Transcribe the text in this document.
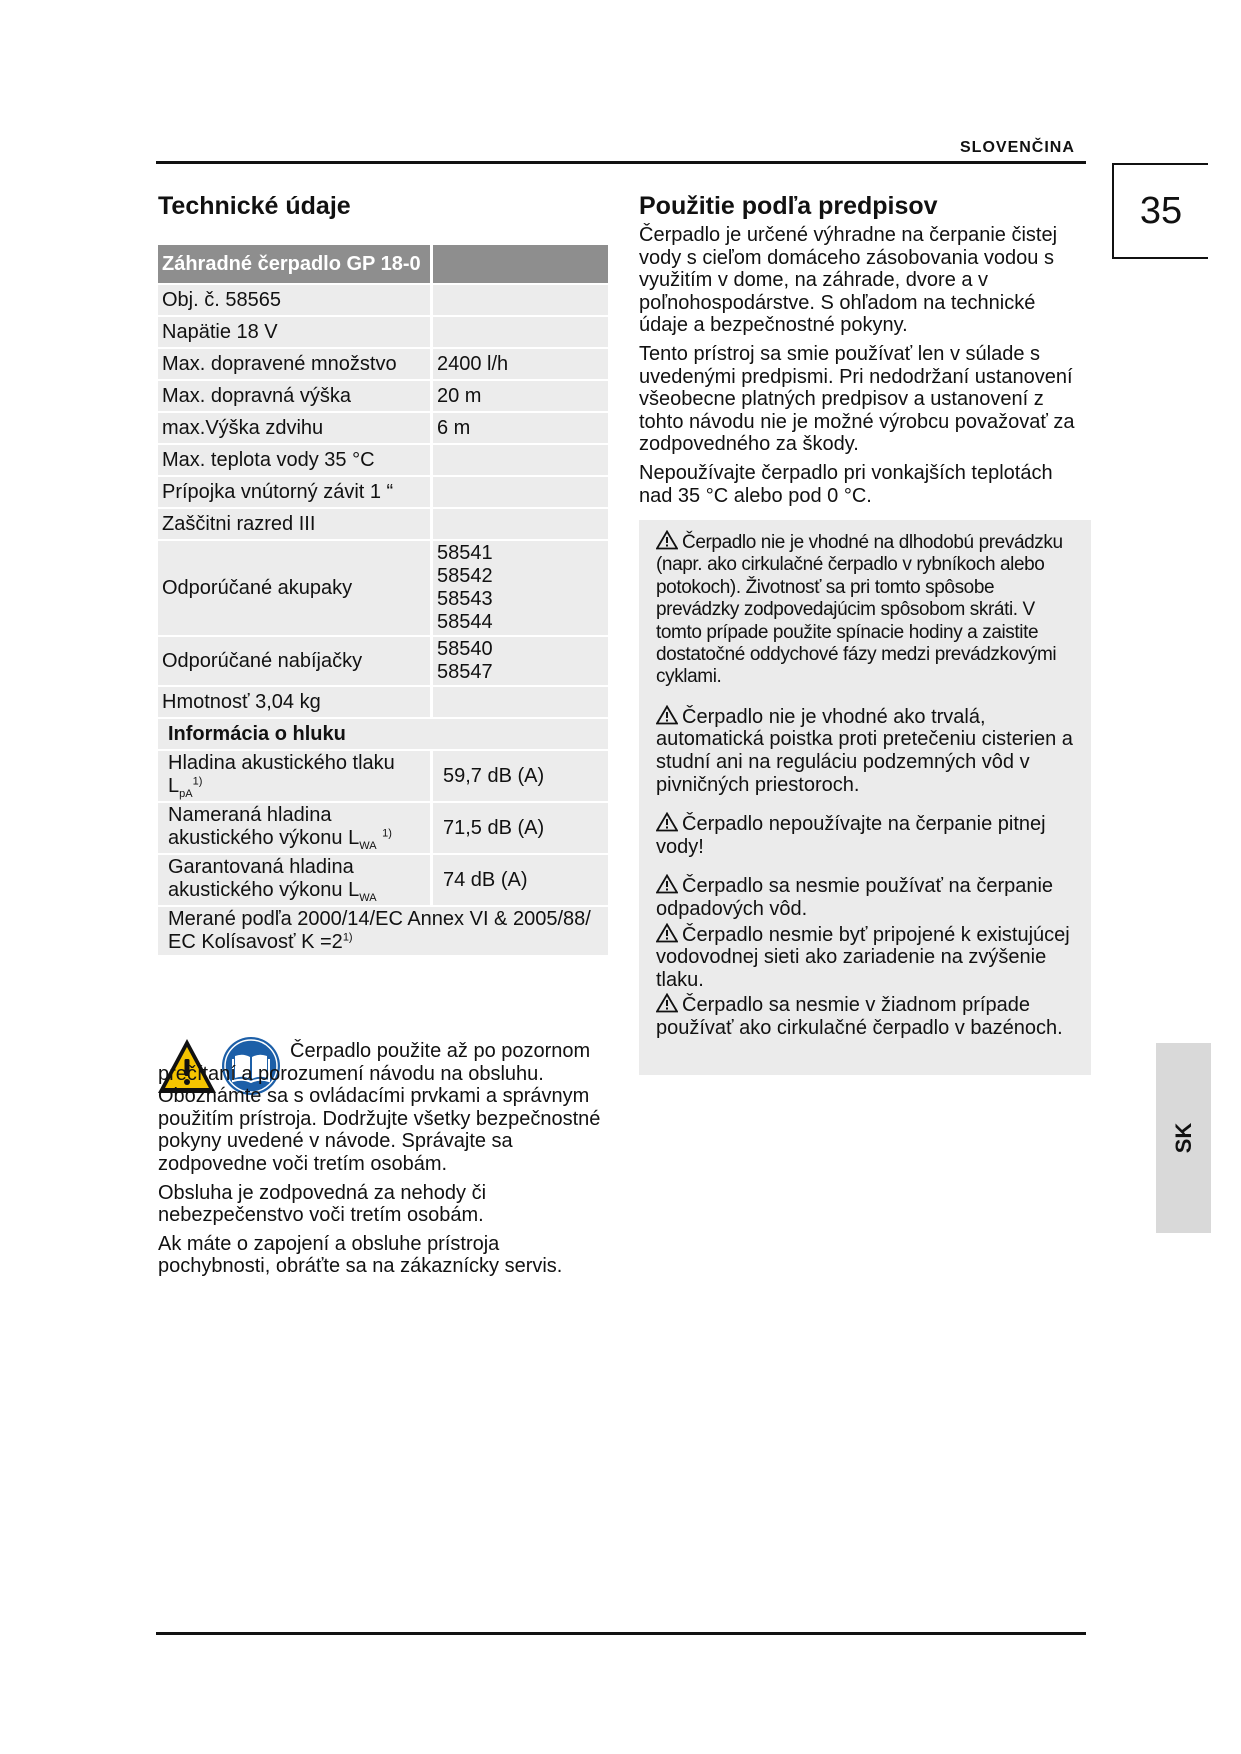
SLOVENČINA
35
SK
Technické údaje
Záhradné čerpadlo GP 18-0	
Obj. č. 58565	
Napätie 18 V	
Max. dopravené množstvo	2400 l/h
Max. dopravná výška	20 m
max.Výška zdvihu	6 m
Max. teplota vody 35 °C	
Prípojka vnútorný závit 1 “	
Zaščitni razred III	
Odporúčané akupaky	58541
58542
58543
58544

Odporúčané nabíjačky	58540
58547

Hmotnosť 3,04 kg	
Informácia o hluku	
Hladina akustického tlaku
$L_{pA}^{1)}$	59,7 dB (A)
Nameraná hladina
akustického výkonu $L_{WA}$ $^{1)}$	71,5 dB (A)
Garantovaná hladina
akustického výkonu $L_{WA}$	74 dB (A)
Merané podľa 2000/14/EC Annex VI & 2005/88/
EC Kolísavosť $K =2^{1)}$

Čerpadlo použite až po pozornom prečítaní a porozumení návodu na obsluhu. Oboznámte sa s ovládacími prvkami a správnym použitím prístroja. Dodržujte všetky bezpečnostné pokyny uvedené v návode. Správajte sa zodpovedne voči tretím osobám.

Obsluha je zodpovedná za nehody či nebezpečenstvo voči tretím osobám.

Ak máte o zapojení a obsluhe prístroja pochybnosti, obráťte sa na zákaznícky servis.

Použitie podľa predpisov

Čerpadlo je určené výhradne na čerpanie čistej vody s cieľom domáceho zásobovania vodou s využitím v dome, na záhrade, dvore a v poľnohospodárstve. S ohľadom na technické údaje a bezpečnostné pokyny.

Tento prístroj sa smie používať len v súlade s uvedenými predpismi. Pri nedodržaní ustanovení všeobecne platných predpisov a ustanovení z tohto návodu nie je možné výrobcu považovať za zodpovedného za škody.

Nepoužívajte čerpadlo pri vonkajších teplotách nad 35 °C alebo pod 0 °C.

Čerpadlo nie je vhodné na dlhodobú prevádzku (napr. ako cirkulačné čerpadlo v rybníkoch alebo potokoch). Životnosť sa pri tomto spôsobe prevádzky zodpovedajúcim spôsobom skráti. V tomto prípade použite spínacie hodiny a zaistite dostatočné oddychové fázy medzi prevádzkovými cyklami.

Čerpadlo nie je vhodné ako trvalá, automatická poistka proti pretečeniu cisterien a studní ani na reguláciu podzemných vôd v pivničných priestoroch.

Čerpadlo nepoužívajte na čerpanie pitnej vody!

Čerpadlo sa nesmie používať na čerpanie odpadových vôd.

Čerpadlo nesmie byť pripojené k existujúcej vodovodnej sieti ako zariadenie na zvýšenie tlaku.

Čerpadlo sa nesmie v žiadnom prípade používať ako cirkulačné čerpadlo v bazénoch.
